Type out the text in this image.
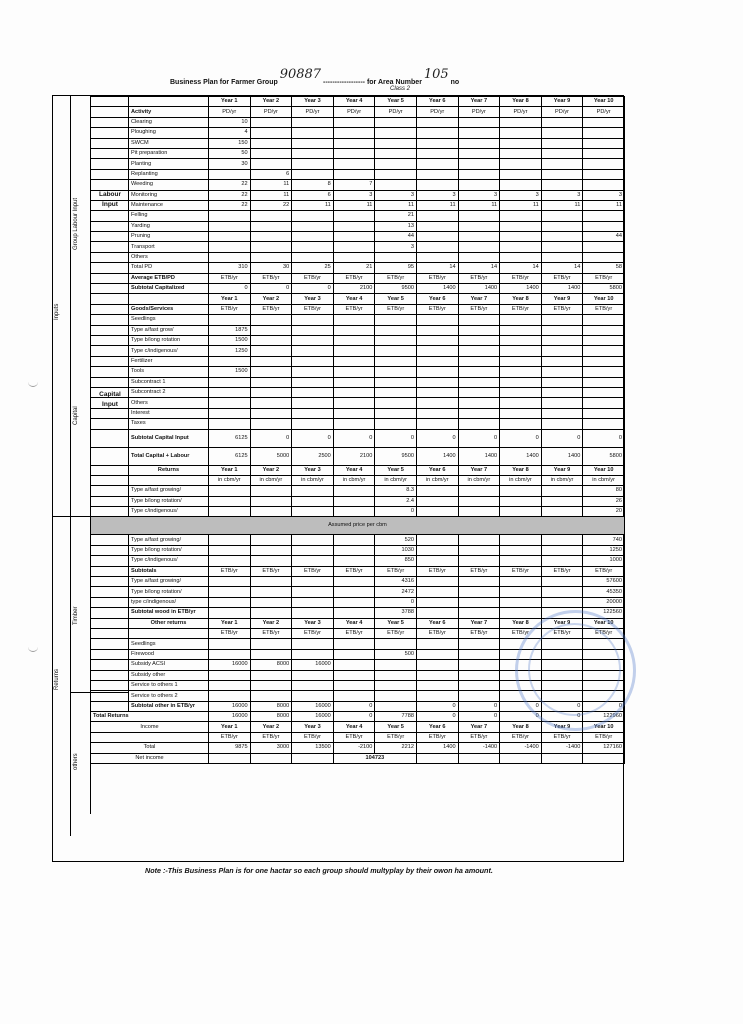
Business Plan for Farmer Group 90887 ------------------ for Area Number 105 no
Class 2
Inputs
Group Labour Input
Capital
Returns
Timber
others
Labour Input
Capital Input
		Year 1	Year 2	Year 3	Year 4	Year 5	Year 6	Year 7	Year 8	Year 9	Year 10
	Activity	PD/yr	PD/yr	PD/yr	PD/yr	PD/yr	PD/yr	PD/yr	PD/yr	PD/yr	PD/yr
	Clearing	10									
	Ploughing	4									
	SWCM	150									
	Pit preparation	50									
	Planting	30									
	Replanting		6								
	Weeding	22	11	8	7						
	Monitoring	22	11	6	3	3	3	3	3	3	3
	Maintenance	22	22	11	11	11	11	11	11	11	11
	Felling					21					
	Yarding					13					
	Pruning					44					44
	Transport					3					
	Others										
	Total PD	310	30	25	21	95	14	14	14	14	58
	Average ETB/PD	ETB/yr	ETB/yr	ETB/yr	ETB/yr	ETB/yr	ETB/yr	ETB/yr	ETB/yr	ETB/yr	ETB/yr
	Subtotal Capitalized	0	0	0	2100	9500	1400	1400	1400	1400	5800
		Year 1	Year 2	Year 3	Year 4	Year 5	Year 6	Year 7	Year 8	Year 9	Year 10
	Goods/Services	ETB/yr	ETB/yr	ETB/yr	ETB/yr	ETB/yr	ETB/yr	ETB/yr	ETB/yr	ETB/yr	ETB/yr
	Seedlings										
	Type a/fast grow/	1875									
	Type b/long rotation	1500									
	Type c/indigenous/	1250									
	Fertilizer										
	Tools	1500									
	Subcontract 1										
	Subcontract 2										
	Others										
	Interest										
	Taxes										
	Subtotal Capital Input	6125	0	0	0	0	0	0	0	0	0
	Total Capital + Labour	6125	5000	2500	2100	9500	1400	1400	1400	1400	5800
	Returns	Year 1	Year 2	Year 3	Year 4	Year 5	Year 6	Year 7	Year 8	Year 9	Year 10
		in cbm/yr	in cbm/yr	in cbm/yr	in cbm/yr	in cbm/yr	in cbm/yr	in cbm/yr	in cbm/yr	in cbm/yr	in cbm/yr
	Type a/fast growing/					8.3					80
	Type b/long rotation/					2.4					26
	Type c/indigenous/					0					20
Assumed price per cbm											
	Type a/fast growing/					520					740
	Type b/long rotation/					1030					1250
	Type c/indigenous/					850					1000
	Subtotals	ETB/yr	ETB/yr	ETB/yr	ETB/yr	ETB/yr	ETB/yr	ETB/yr	ETB/yr	ETB/yr	ETB/yr
	Type a/fast growing/					4316					57600
	Type b/long rotation/					2472					45350
	type c/indigenous/					0					20000
	Subtotal wood in ETB/yr					3788					122560
	Other returns	Year 1	Year 2	Year 3	Year 4	Year 5	Year 6	Year 7	Year 8	Year 9	Year 10
		ETB/yr	ETB/yr	ETB/yr	ETB/yr	ETB/yr	ETB/yr	ETB/yr	ETB/yr	ETB/yr	ETB/yr
	Seedlings										
	Firewood					500					
	Subsidy ACSI	16000	8000	16000							
	Subsidy other										
	Service to others 1										
	Service to others 2										
	Subtotal other in ETB/yr	16000	8000	16000	0		0	0	0	0	0
Total Returns		16000	8000	16000	0	7788	0	0	0	0	122960
Income		Year 1	Year 2	Year 3	Year 4	Year 5	Year 6	Year 7	Year 8	Year 9	Year 10
		ETB/yr	ETB/yr	ETB/yr	ETB/yr	ETB/yr	ETB/yr	ETB/yr	ETB/yr	ETB/yr	ETB/yr
Total		9875	3000	13500	-2100	2212	1400	-1400	-1400	-1400	127160
Net income					104723						
Note :-This Business Plan is for one hactar so each group should multyplay by their owon ha amount.
